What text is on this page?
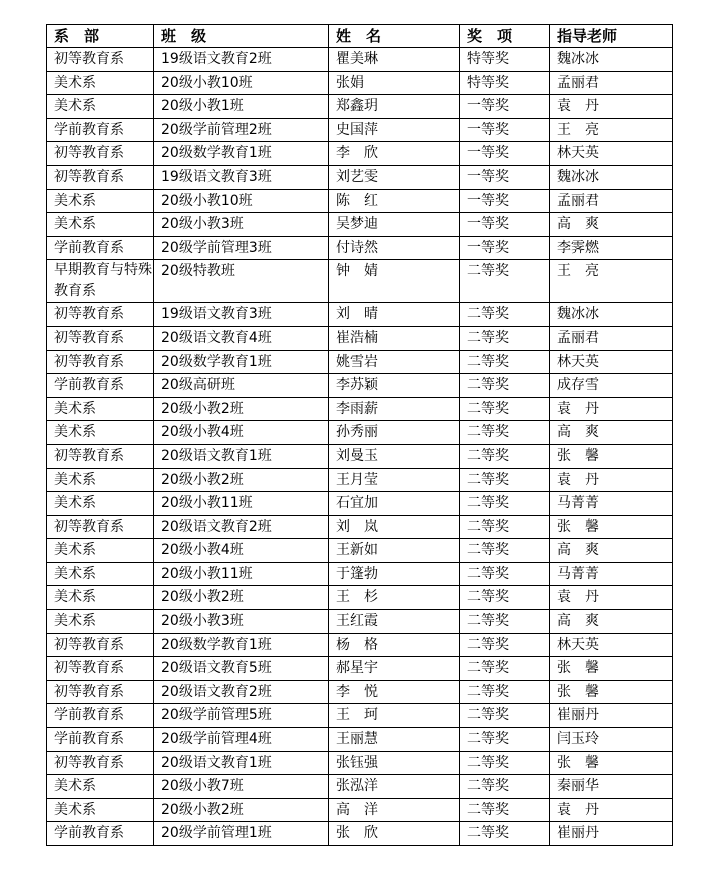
系　部	班　级	姓　名	奖　项	指导老师
初等教育系	19级语文教育2班	瞿美琳	特等奖	魏冰冰
美术系	20级小教10班	张娟	特等奖	孟丽君
美术系	20级小教1班	郑鑫玥	一等奖	袁　丹
学前教育系	20级学前管理2班	史国萍	一等奖	王　亮
初等教育系	20级数学教育1班	李　欣	一等奖	林天英
初等教育系	19级语文教育3班	刘艺雯	一等奖	魏冰冰
美术系	20级小教10班	陈　红	一等奖	孟丽君
美术系	20级小教3班	吴梦迪	一等奖	高　爽
学前教育系	20级学前管理3班	付诗然	一等奖	李霁燃
早期教育与特殊教育系	20级特教班	钟　婧	二等奖	王　亮
初等教育系	19级语文教育3班	刘　晴	二等奖	魏冰冰
初等教育系	20级语文教育4班	崔浩楠	二等奖	孟丽君
初等教育系	20级数学教育1班	姚雪岩	二等奖	林天英
学前教育系	20级高研班	李苏颖	二等奖	成存雪
美术系	20级小教2班	李雨薪	二等奖	袁　丹
美术系	20级小教4班	孙秀丽	二等奖	高　爽
初等教育系	20级语文教育1班	刘曼玉	二等奖	张　馨
美术系	20级小教2班	王月莹	二等奖	袁　丹
美术系	20级小教11班	石宜加	二等奖	马菁菁
初等教育系	20级语文教育2班	刘　岚	二等奖	张　馨
美术系	20级小教4班	王新如	二等奖	高　爽
美术系	20级小教11班	于篷勃	二等奖	马菁菁
美术系	20级小教2班	王　杉	二等奖	袁　丹
美术系	20级小教3班	王红霞	二等奖	高　爽
初等教育系	20级数学教育1班	杨　格	二等奖	林天英
初等教育系	20级语文教育5班	郝星宇	二等奖	张　馨
初等教育系	20级语文教育2班	李　悦	二等奖	张　馨
学前教育系	20级学前管理5班	王　珂	二等奖	崔丽丹
学前教育系	20级学前管理4班	王丽慧	二等奖	闫玉玲
初等教育系	20级语文教育1班	张钰强	二等奖	张　馨
美术系	20级小教7班	张泓洋	二等奖	秦丽华
美术系	20级小教2班	高　洋	二等奖	袁　丹
学前教育系	20级学前管理1班	张　欣	二等奖	崔丽丹
